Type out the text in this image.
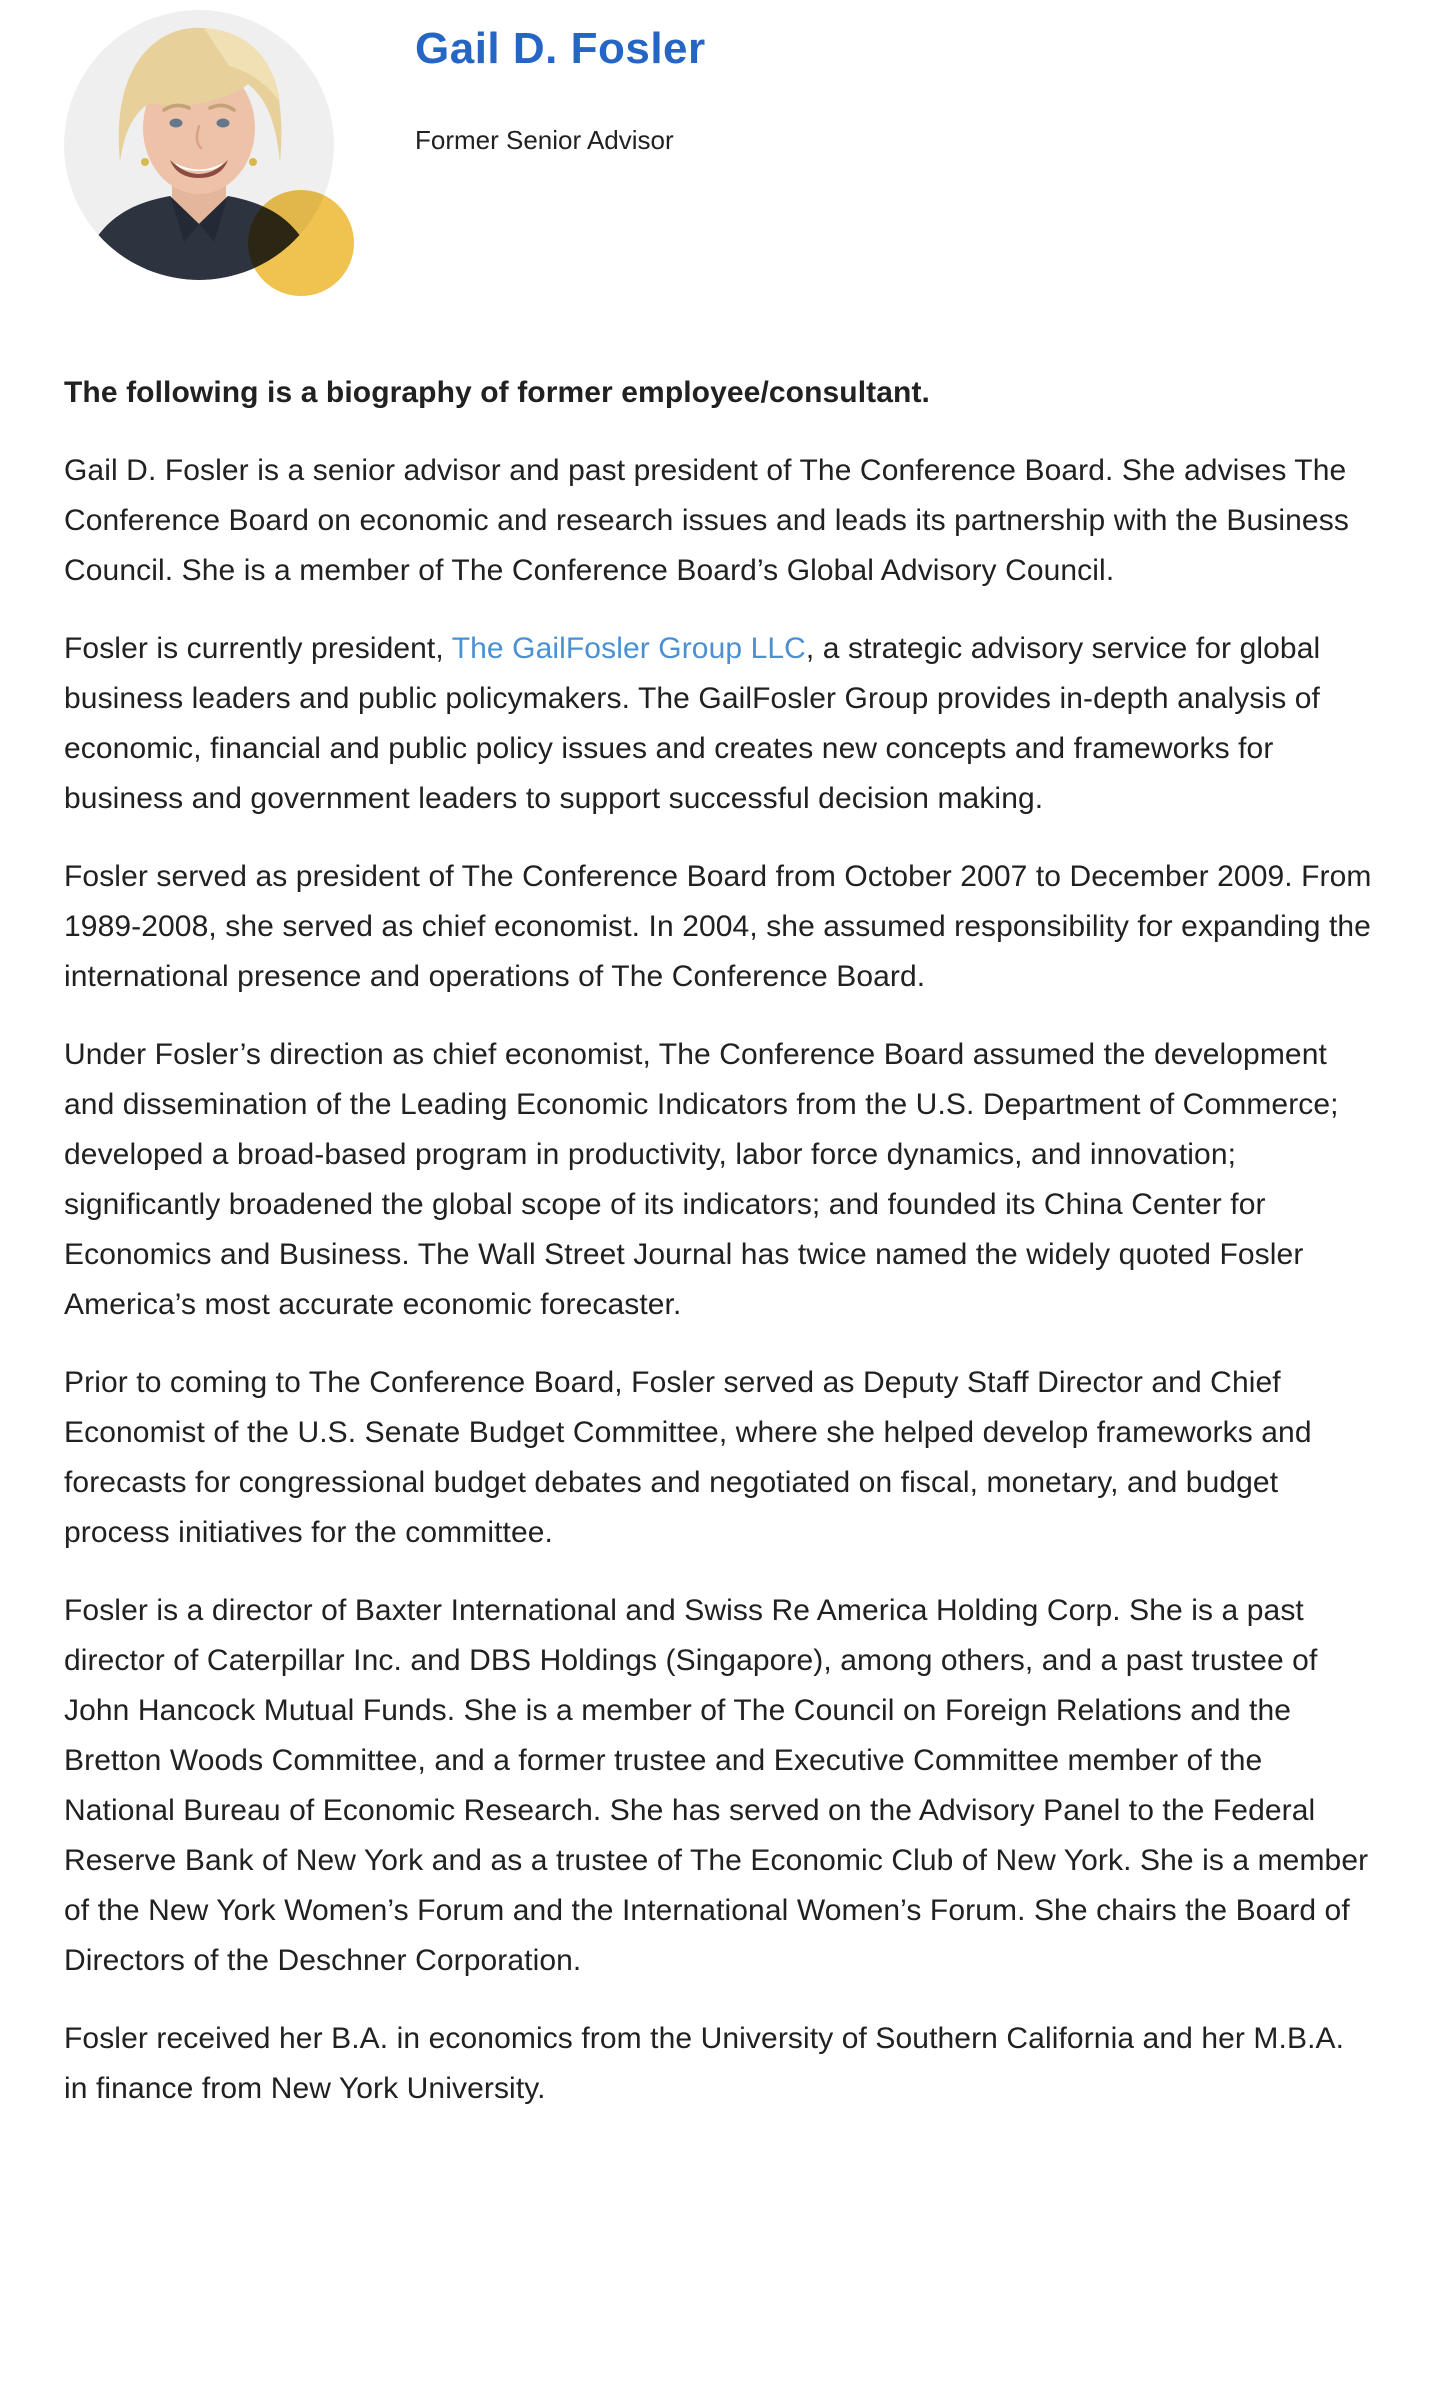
Gail D. Fosler
Former Senior Advisor

The following is a biography of former employee/consultant.

Gail D. Fosler is a senior advisor and past president of The Conference Board. She advises The Conference Board on economic and research issues and leads its partnership with the Business Council. She is a member of The Conference Board’s Global Advisory Council.

Fosler is currently president, The GailFosler Group LLC, a strategic advisory service for global business leaders and public policymakers. The GailFosler Group provides in-depth analysis of economic, financial and public policy issues and creates new concepts and frameworks for business and government leaders to support successful decision making.

Fosler served as president of The Conference Board from October 2007 to December 2009. From 1989-2008, she served as chief economist. In 2004, she assumed responsibility for expanding the international presence and operations of The Conference Board.

Under Fosler’s direction as chief economist, The Conference Board assumed the development and dissemination of the Leading Economic Indicators from the U.S. Department of Commerce; developed a broad-based program in productivity, labor force dynamics, and innovation; significantly broadened the global scope of its indicators; and founded its China Center for Economics and Business. The Wall Street Journal has twice named the widely quoted Fosler America’s most accurate economic forecaster.

Prior to coming to The Conference Board, Fosler served as Deputy Staff Director and Chief Economist of the U.S. Senate Budget Committee, where she helped develop frameworks and forecasts for congressional budget debates and negotiated on fiscal, monetary, and budget process initiatives for the committee.

Fosler is a director of Baxter International and Swiss Re America Holding Corp. She is a past director of Caterpillar Inc. and DBS Holdings (Singapore), among others, and a past trustee of John Hancock Mutual Funds. She is a member of The Council on Foreign Relations and the Bretton Woods Committee, and a former trustee and Executive Committee member of the National Bureau of Economic Research. She has served on the Advisory Panel to the Federal Reserve Bank of New York and as a trustee of The Economic Club of New York. She is a member of the New York Women’s Forum and the International Women’s Forum. She chairs the Board of Directors of the Deschner Corporation.

Fosler received her B.A. in economics from the University of Southern California and her M.B.A. in finance from New York University.
